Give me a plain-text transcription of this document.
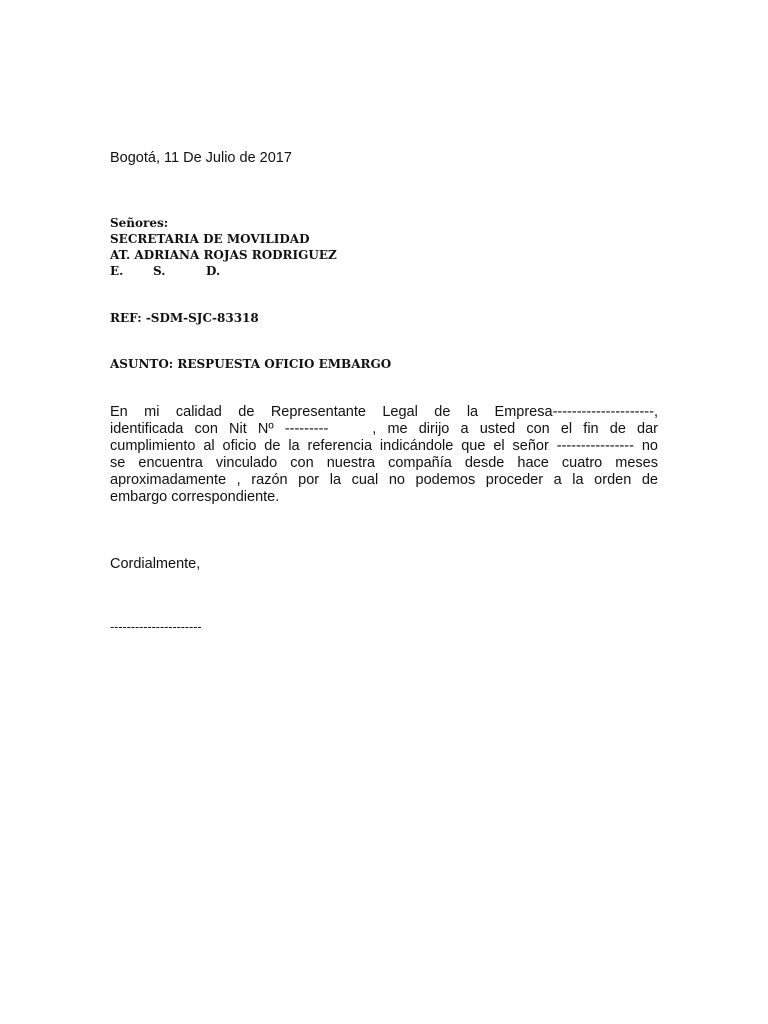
Bogotá, 11 De Julio de 2017
Señores:
SECRETARIA DE MOVILIDAD
AT. ADRIANA ROJAS RODRIGUEZ
E. S.	D.
REF: -SDM-SJC-83318
ASUNTO: RESPUESTA OFICIO EMBARGO
En mi calidad de Representante Legal de la Empresa---------------------,
identificada con Nit Nº ---------	, me dirijo a usted con el fin de dar
cumplimiento al oficio de la referencia indicándole que el señor ---------------- no
se encuentra vinculado con nuestra compañía desde hace cuatro meses
aproximadamente , razón por la cual no podemos proceder a la orden de
embargo correspondiente.
Cordialmente,
----------------------
